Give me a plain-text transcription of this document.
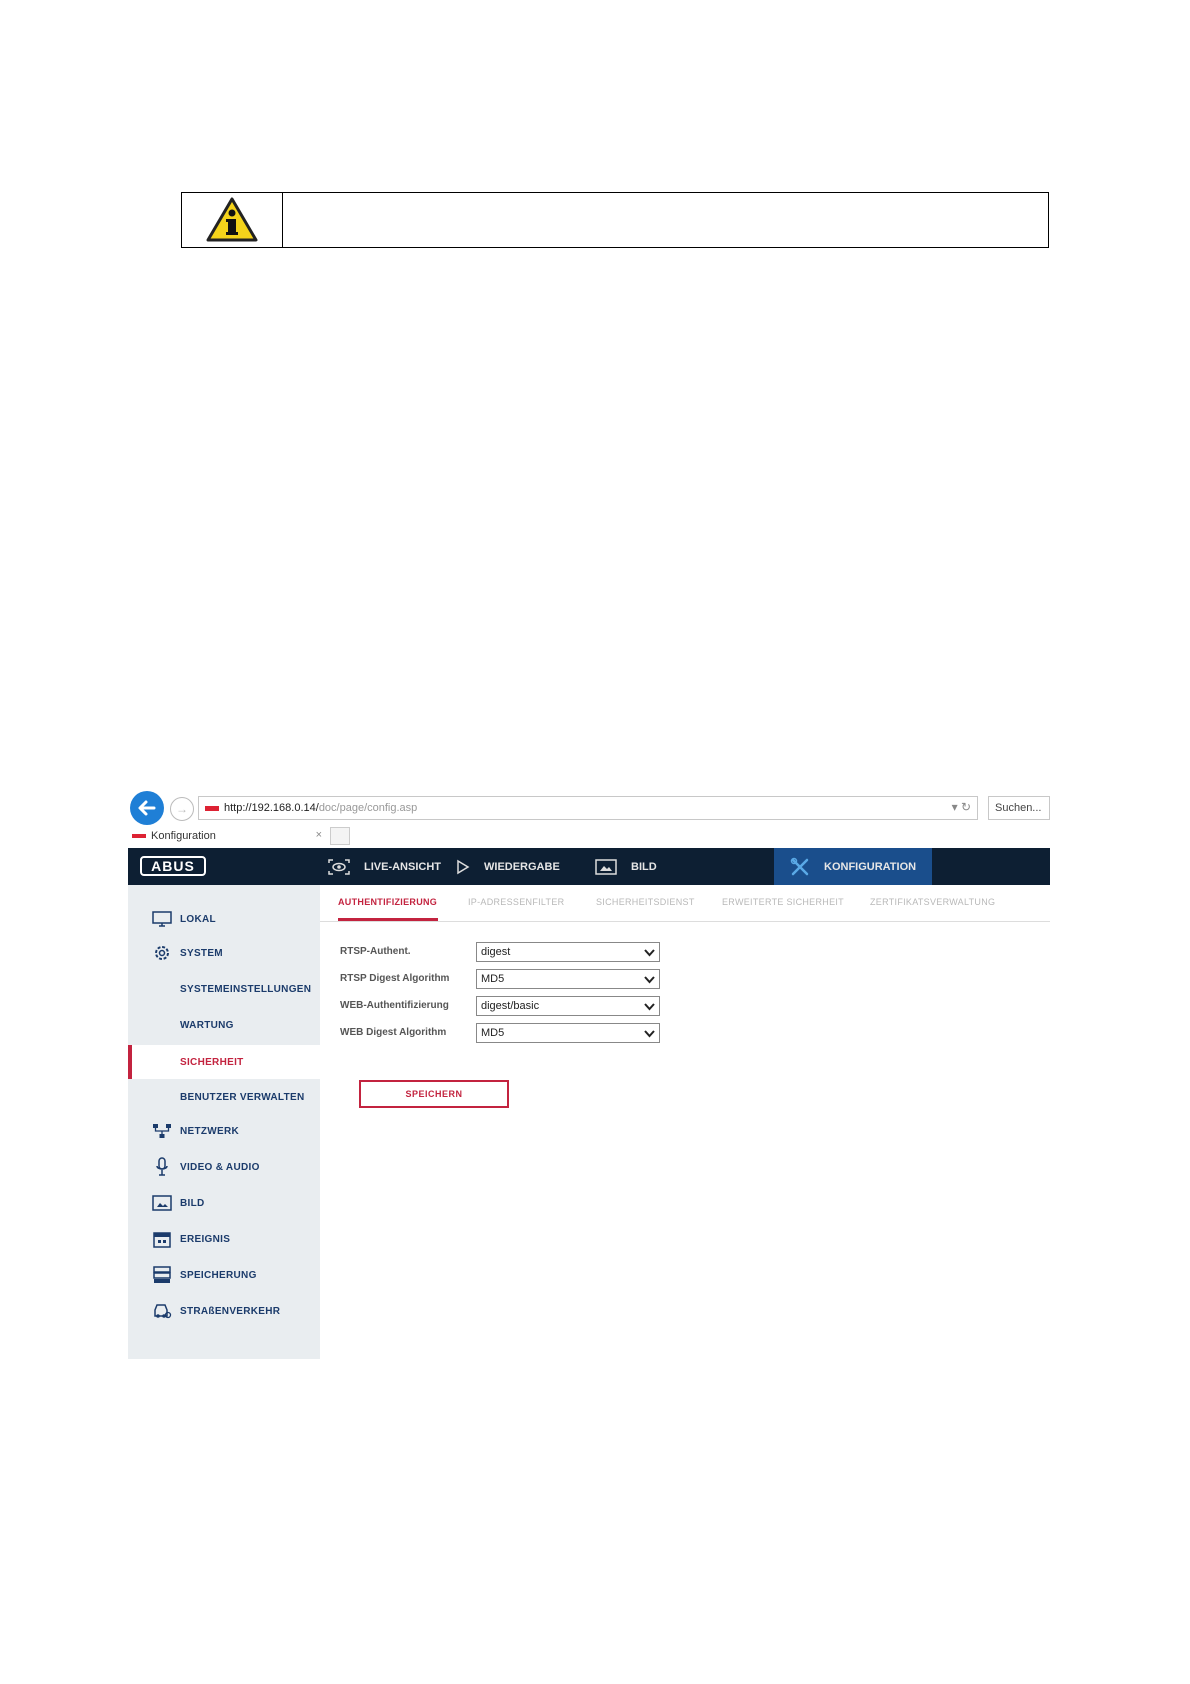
→	http://192.168.0.14/ doc/page/config.asp	▾ ↻	Suchen...
Konfiguration	×
ABUS	LIVE-ANSICHT	WIEDERGABE	BILD	KONFIGURATION
LOKAL
SYSTEM
SYSTEMEINSTELLUNGEN
WARTUNG
SICHERHEIT
BENUTZER VERWALTEN
NETZWERK
VIDEO & AUDIO
BILD
EREIGNIS
SPEICHERUNG
STRAßENVERKEHR
AUTHENTIFIZIERUNG	IP-ADRESSENFILTER	SICHERHEITSDIENST	ERWEITERTE SICHERHEIT	ZERTIFIKATSVERWALTUNG
RTSP-Authent.	digest
RTSP Digest Algorithm	MD5
WEB-Authentifizierung	digest/basic
WEB Digest Algorithm	MD5
SPEICHERN
